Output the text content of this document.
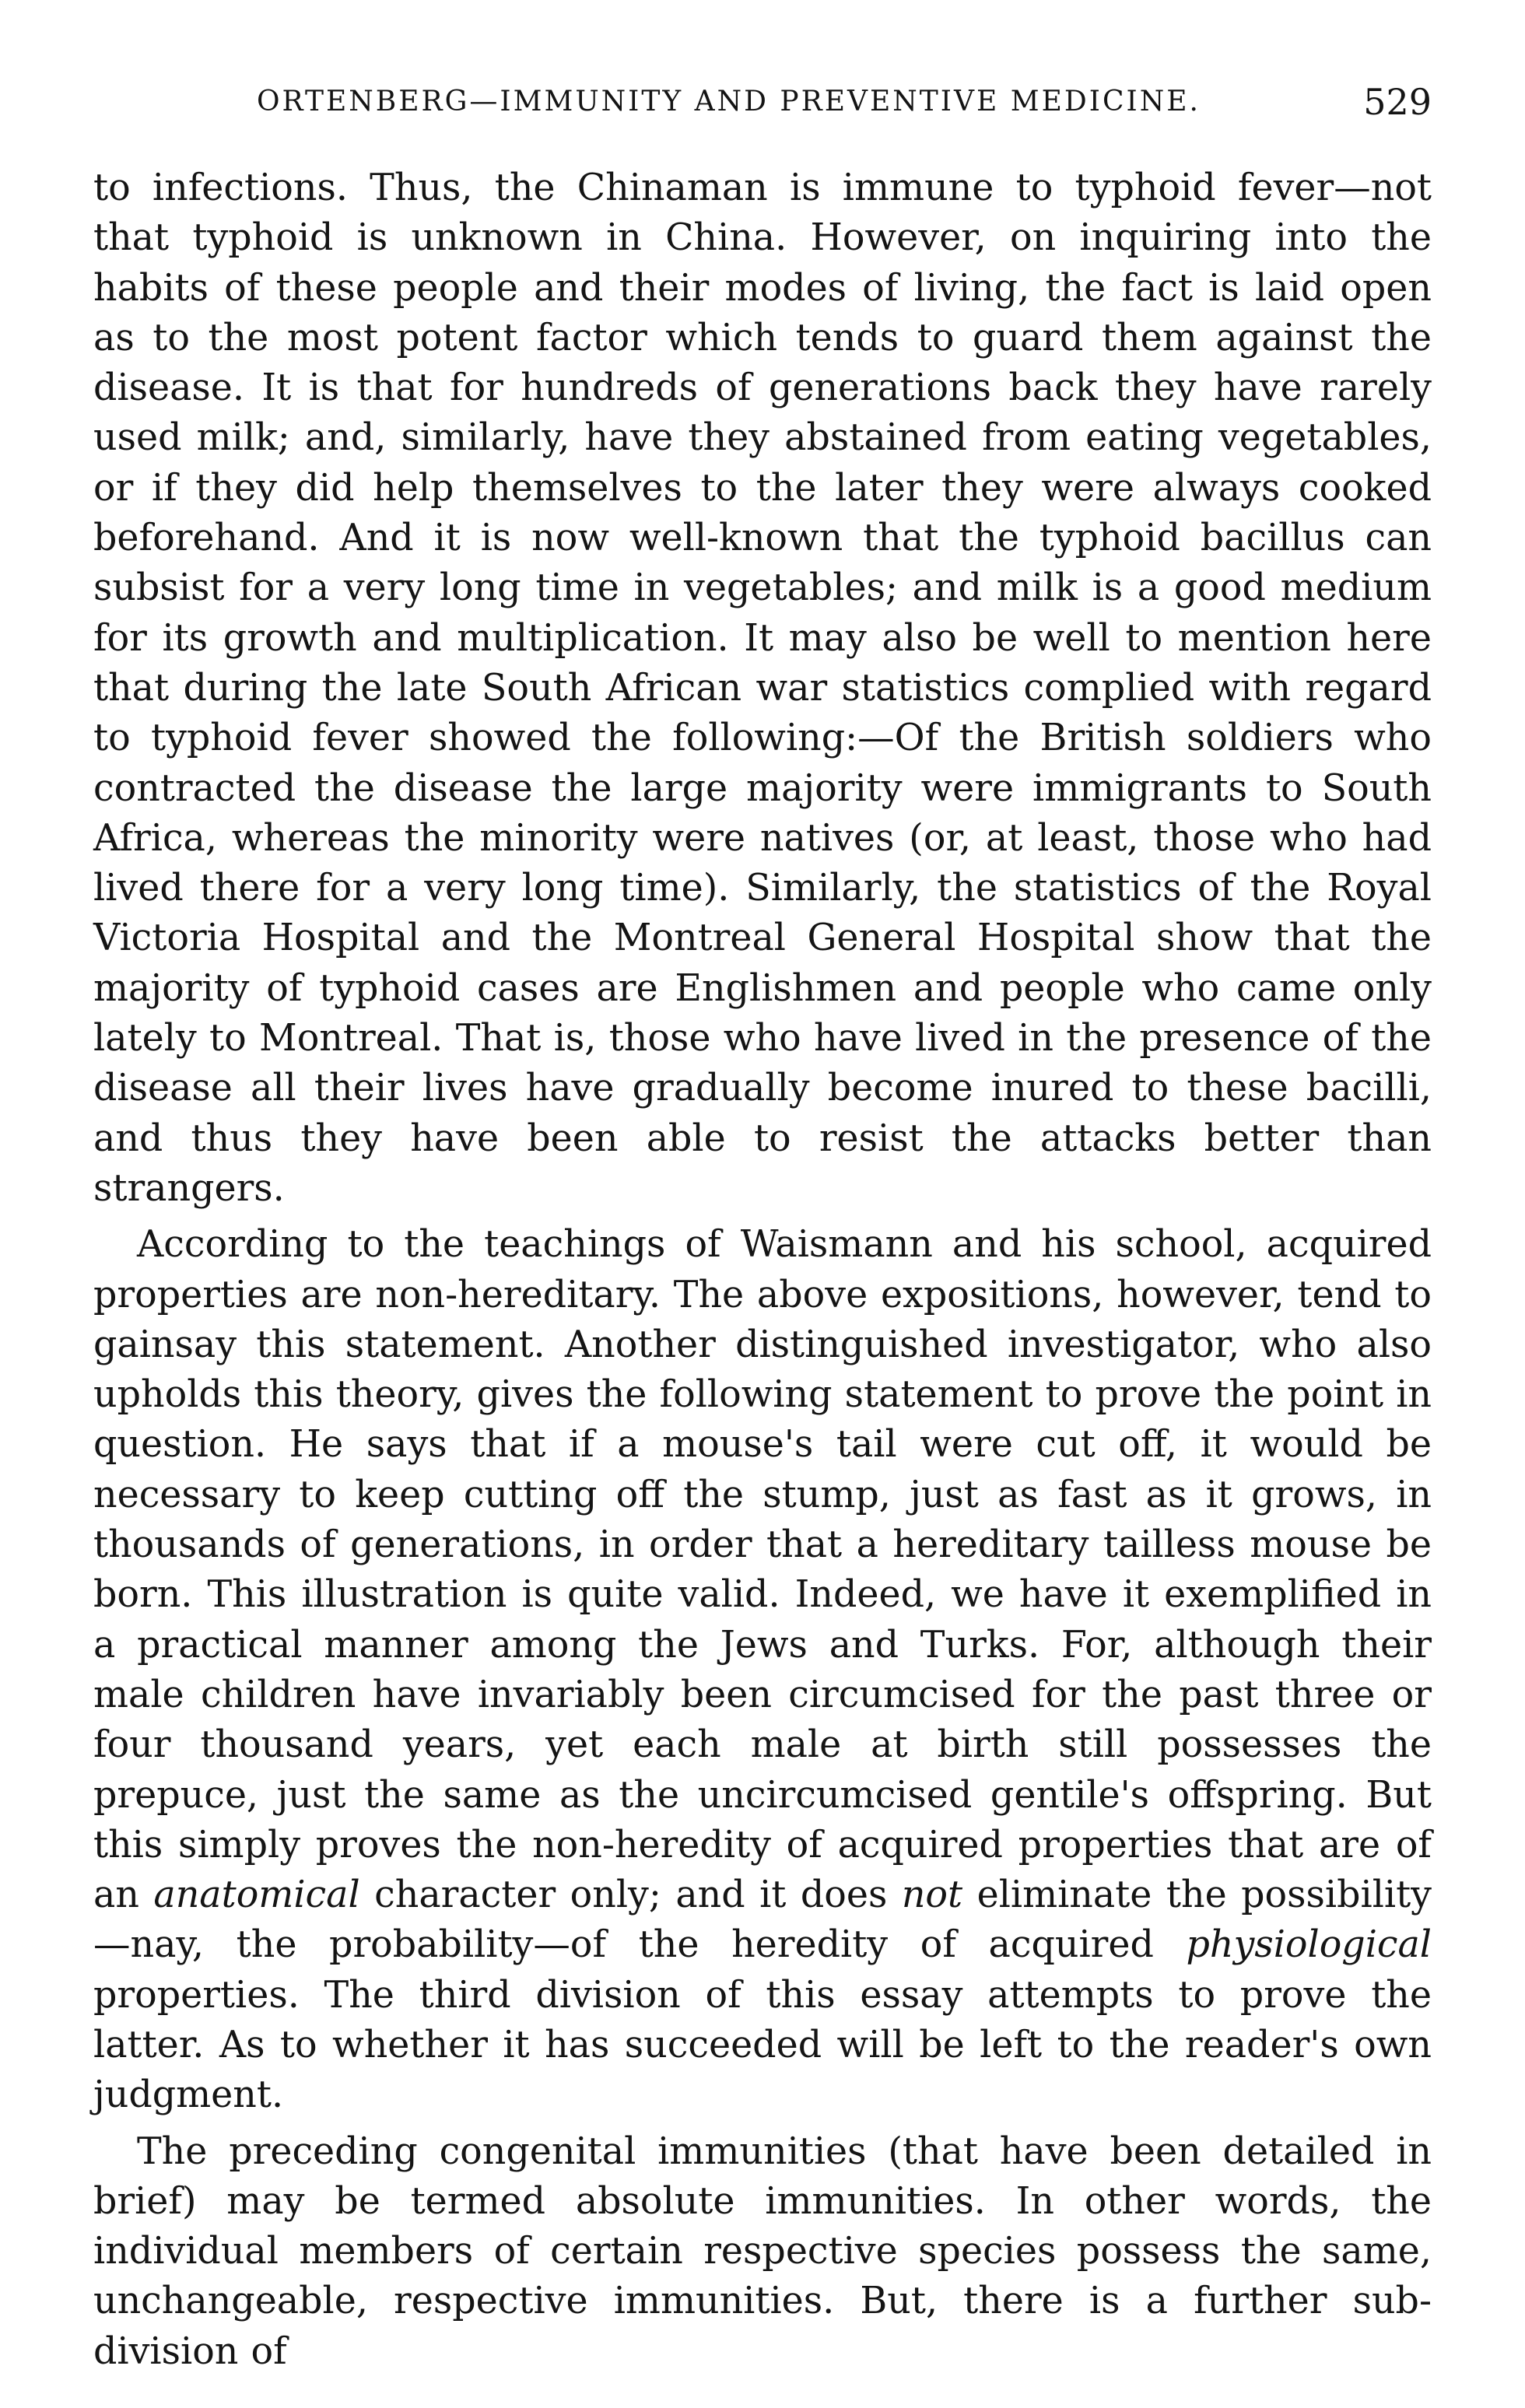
ORTENBERG—IMMUNITY AND PREVENTIVE MEDICINE.	529

to infections. Thus, the Chinaman is immune to typhoid fever—not that typhoid is unknown in China. However, on inquiring into the habits of these people and their modes of living, the fact is laid open as to the most potent factor which tends to guard them against the disease. It is that for hundreds of generations back they have rarely used milk; and, similarly, have they abstained from eating vegetables, or if they did help themselves to the later they were always cooked beforehand. And it is now well-known that the typhoid bacillus can subsist for a very long time in vegetables; and milk is a good medium for its growth and multiplication. It may also be well to mention here that during the late South African war statistics complied with regard to typhoid fever showed the following:—Of the British soldiers who contracted the disease the large majority were immigrants to South Africa, whereas the minority were natives (or, at least, those who had lived there for a very long time). Similarly, the statistics of the Royal Victoria Hospital and the Montreal General Hospital show that the majority of typhoid cases are Englishmen and people who came only lately to Montreal. That is, those who have lived in the presence of the disease all their lives have gradually become inured to these bacilli, and thus they have been able to resist the attacks better than strangers.

According to the teachings of Waismann and his school, acquired properties are non-hereditary. The above expositions, however, tend to gainsay this statement. Another distinguished investigator, who also upholds this theory, gives the following statement to prove the point in question. He says that if a mouse's tail were cut off, it would be necessary to keep cutting off the stump, just as fast as it grows, in thousands of generations, in order that a hereditary tailless mouse be born. This illustration is quite valid. Indeed, we have it exemplified in a practical manner among the Jews and Turks. For, although their male children have invariably been circumcised for the past three or four thousand years, yet each male at birth still possesses the prepuce, just the same as the uncircumcised gentile's offspring. But this simply proves the non-heredity of acquired properties that are of an anatomical character only; and it does not eliminate the possibility—nay, the probability—of the heredity of acquired physiological properties. The third division of this essay attempts to prove the latter. As to whether it has succeeded will be left to the reader's own judgment.

The preceding congenital immunities (that have been detailed in brief) may be termed absolute immunities. In other words, the individual members of certain respective species possess the same, unchangeable, respective immunities. But, there is a further sub-division of
